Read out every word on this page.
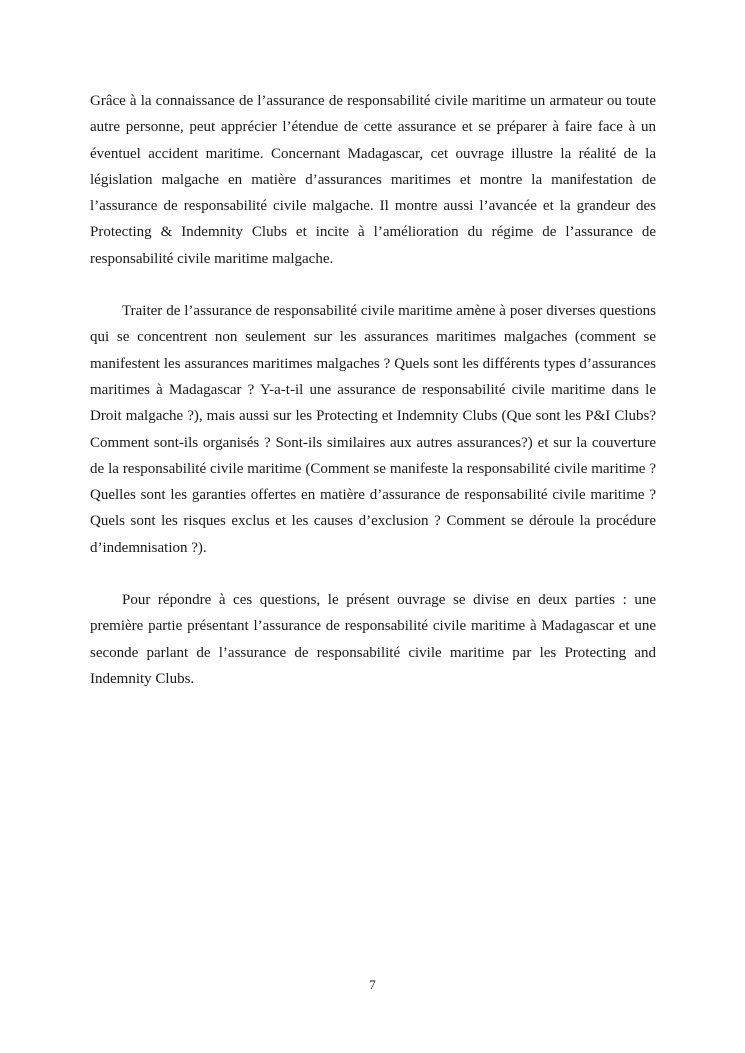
Grâce à la connaissance de l’assurance de responsabilité civile maritime un armateur ou toute autre personne, peut apprécier l’étendue de cette assurance et se préparer à faire face à un éventuel accident maritime. Concernant Madagascar, cet ouvrage illustre la réalité de la législation malgache en matière d’assurances maritimes et montre la manifestation de l’assurance de responsabilité civile malgache. Il montre aussi l’avancée et la grandeur des Protecting & Indemnity Clubs et incite à l’amélioration du régime de l’assurance de responsabilité civile maritime malgache.

Traiter de l’assurance de responsabilité civile maritime amène à poser diverses questions qui se concentrent non seulement sur les assurances maritimes malgaches (comment se manifestent les assurances maritimes malgaches ? Quels sont les différents types d’assurances maritimes à Madagascar ? Y-a-t-il une assurance de responsabilité civile maritime dans le Droit malgache ?), mais aussi sur les Protecting et Indemnity Clubs (Que sont les P&I Clubs? Comment sont-ils organisés ? Sont-ils similaires aux autres assurances?) et sur la couverture de la responsabilité civile maritime (Comment se manifeste la responsabilité civile maritime ? Quelles sont les garanties offertes en matière d’assurance de responsabilité civile maritime ? Quels sont les risques exclus et les causes d’exclusion ? Comment se déroule la procédure d’indemnisation ?).

Pour répondre à ces questions, le présent ouvrage se divise en deux parties : une première partie présentant l’assurance de responsabilité civile maritime à Madagascar et une seconde parlant de l’assurance de responsabilité civile maritime par les Protecting and Indemnity Clubs.

7
